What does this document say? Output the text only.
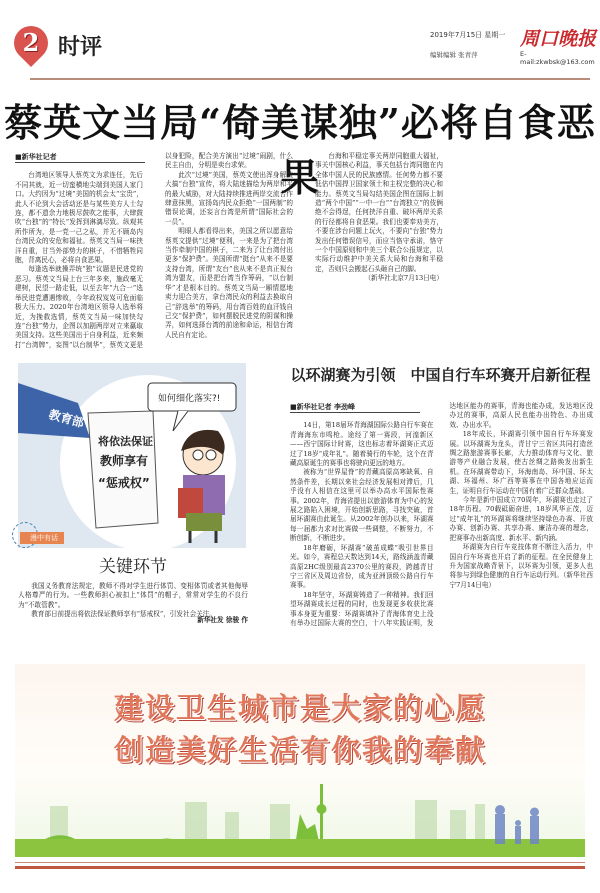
2 时评	2019年7月15日 星期一 周口晚报
编辑编辑 张青萍	E-mail:zkwbsk@163.com
蔡英文当局“倚美谋独”必将自食恶果
■新华社记者

台湾地区领导人蔡英文为求连任，先后不同其就，近一切蛮横地尖端到美国人家门口。大约因为“过境”美国的机会太“宝贵”，此人不论到大会活动还是与某些美方人士勾连，都不遗余力地极尽鼓吹之能事，大肆鼓吹“台独”的“特长”发挥到淋漓尽致。纵观其所作所为，是一党一己之私，并无不顾岛内台湾民众的安危和福祉。蔡英文当局一味挟洋自重，甘当外部势力的棋子，不惜牺牲同胞，背离民心，必将自食恶果。

每逢选举就操弄统“独”议题是民进党的恶习。蔡英文当局上台三年多来，施政毫无建树，民望一路走低，以至去年“九合一”选举民进党遭遇惨败，今年政权岌岌可危面临极大压力。2020年台湾地区领导人选举将近，为挽救选情，蔡英文当局一味加快勾连“台独”势力，企图以加剧两岸对立来赢取美国支持。这些美国出于自身利益，近来频打“台湾牌”，妄图“以台制华”，蔡英文更是以身犯险，配合美方演出“过境”闹剧，什么民主自由，分明是卖台求荣。

此次“过境”美国，蔡英文使出浑身解数大搞“台独”宣传，将大陆迷描绘为两岸和平的最大威胁，对大陆持续推进两岸交流合作肆意抹黑，宣扬岛内民众拒绝“一国两制”的错误论调，还妄言台湾是所谓“国际社会的一员”。

明眼人都看得出来，美国之所以愿意给蔡英文提供“过境”便利，一来是为了把台湾当作牵制中国的棋子，二来为了让台湾付出更多“保护费”。美国所谓“挺台”从来不是要支持台湾，所谓“友台”也从来不是真正视台湾为盟友，而是把台湾当作筹码，“以台制华”才是根本目的。蔡英文当局一厢情愿地卖力迎合美方，拿台湾民众的利益去换取自己“辞选举”的筹码，用台湾百姓的血汗钱自己交“保护费”，如何摆脱民进党的阴谋和操弄，如何选择台湾的前途和命运，相信台湾人民自有定论。

台海和平稳定事关两岸同胞重大福祉，事关中国核心利益，事关包括台湾同胞在内全体中国人民的民族感情。任何势力都不要低估中国捍卫国家领土和主权完整的决心和能力。蔡英文当局勾结美国企图在国际上制造“两个中国”“一中一台”“台湾独立”的伎俩绝不会得逞，任何挟洋自重、破坏两岸关系的行径都将自食恶果。我们也要奉劝美方，不要在涉台问题上玩火，不要向“台独”势力发出任何错误信号，而应当恪守承诺，恪守一个中国原则和中美三个联合公报规定，以实际行动维护中美关系大局和台海和平稳定，否则只会搬起石头砸自己的脚。

（新华社北京7月13日电）

教育部
将依法保证
教师享有
“惩戒权”
如何细化落实?!
漫中有话
关键环节

我国义务教育法规定，教师不得对学生进行体罚、变相体罚或者其他侮辱人格尊严的行为。一些教师担心被扣上“体罚”的帽子，常常对学生的不良行为“不敢管教”。

教育部日前提出将依法保证教师享有“惩戒权”，引发社会关注。

新华社发 徐骏 作
以环湖赛为引领　中国自行车环赛开启新征程
■新华社记者 李劲峰

14日，第18届环青海湖国际公路自行车赛在青海海东市鸣枪。途经了第一赛段，河湟新区——西宁国际计时赛，这也标志着环湖赛正式迈过了18岁“成年礼”。随着骑行的车轮，这个在青藏高原诞生的赛事也将驶向更远的地方。

被称为“世界屋脊”的青藏高原高寒缺氧、自然条件差，长期以来社会经济发展相对滞后，几乎没有人相信在这里可以举办高水平国际性赛事。2002年，青海省提出以旅游体育为中心的发展之路陷入困境，开始创新思路，寻找突破，首届环湖赛由此诞生。从2002年创办以来，环湖赛每一届都力求对比赛做一些调整，不断努力，不断创新，不断进步。

18年磨砺，环湖赛“破茧成蝶”吸引世界目光。如今，赛程总天数达到14天，路线涵盖青藏高原2HC级别最高2370公里的赛段，跨越青甘宁三省区及周边省份，成为亚洲顶级公路自行车赛事。

18年坚守，环湖赛铸造了一种精神。我们回望环湖赛成长过程的同时，也发现更多收获比赛事本身更为重要：环湖赛填补了青海体育史上没有举办过国际大赛的空白，十八年实践证明，发达地区能办的赛事，青海也能办成，发达地区没办过的赛事，高原人民也能办出特色、办出成效、办出水平。

18年成长，环湖赛引领中国自行车环赛发展。以环湖赛为龙头，青甘宁三省区共同打造丝绸之路旅游赛事长廊，大力推动体育与文化、旅游等产业融合发展，使古丝绸之路焕发出新生机。在环湖赛带动下，环海南岛、环中国、环太湖、环福州、环广西等赛事在中国各地应运而生，证明自行车运动在中国有着广泛群众基础。

今年是新中国成立70周年，环湖赛也走过了18年历程。70载砥砺奋进，18岁风华正茂，迈过“成年礼”的环湖赛将继续坚持绿色办赛、开放办赛、创新办赛、共享办赛、廉洁办赛的理念，把赛事办出新高度、新水平、新内涵。

环湖赛为自行车竞技体育不断注入活力，中国自行车环赛也开启了新的征程。在全民健身上升为国家战略背景下，以环赛为引领，更多人也将参与到绿色健康的自行车运动行列。（新华社西宁7月14日电）

建设卫生城市是大家的心愿
创造美好生活有你我的奉献
